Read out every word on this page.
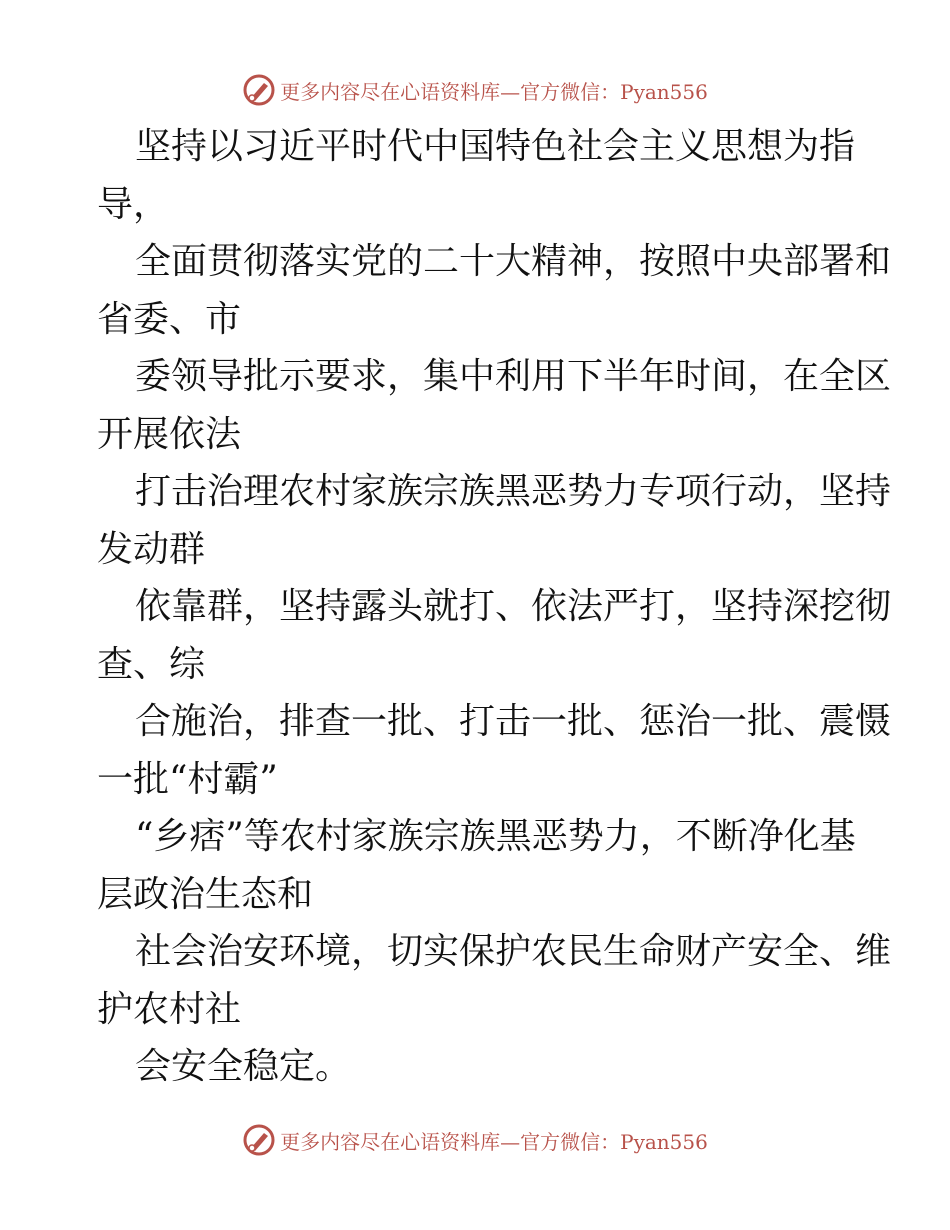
更多内容尽在心语资料库—官方微信：Pyan556
坚持以习近平时代中国特色社会主义思想为指
导，
全面贯彻落实党的二十大精神，按照中央部署和
省委、市
委领导批示要求，集中利用下半年时间，在全区
开展依法
打击治理农村家族宗族黑恶势力专项行动，坚持
发动群
依靠群，坚持露头就打、依法严打，坚持深挖彻
查、综
合施治，排查一批、打击一批、惩治一批、震慑
一批“村霸”
“乡痞”等农村家族宗族黑恶势力，不断净化基
层政治生态和
社会治安环境，切实保护农民生命财产安全、维
护农村社
会安全稳定。
更多内容尽在心语资料库—官方微信：Pyan556
